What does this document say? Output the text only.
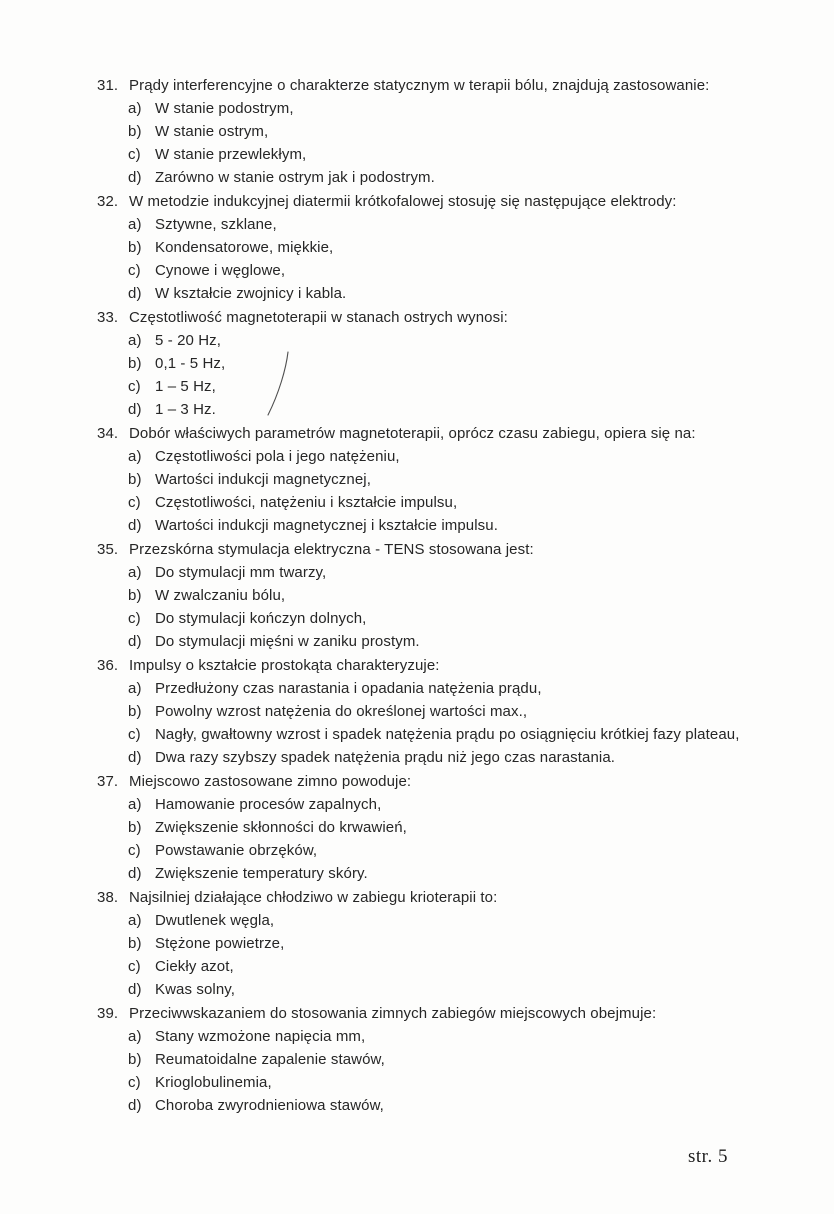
31. Prądy interferencyjne o charakterze statycznym w terapii bólu, znajdują zastosowanie:
a) W stanie podostrym,
b) W stanie ostrym,
c) W stanie przewlekłym,
d) Zarówno w stanie ostrym jak i podostrym.
32. W metodzie indukcyjnej diatermii krótkofalowej stosuję się następujące elektrody:
a) Sztywne, szklane,
b) Kondensatorowe, miękkie,
c) Cynowe i węglowe,
d) W kształcie zwojnicy i kabla.
33. Częstotliwość magnetoterapii w stanach ostrych wynosi:
a) 5 - 20 Hz,
b) 0,1 - 5 Hz,
c) 1 – 5 Hz,
d) 1 – 3 Hz.
34. Dobór właściwych parametrów magnetoterapii, oprócz czasu zabiegu, opiera się na:
a) Częstotliwości pola i jego natężeniu,
b) Wartości indukcji magnetycznej,
c) Częstotliwości, natężeniu i kształcie impulsu,
d) Wartości indukcji magnetycznej i kształcie impulsu.
35. Przezskórna stymulacja elektryczna - TENS stosowana jest:
a) Do stymulacji mm twarzy,
b) W zwalczaniu bólu,
c) Do stymulacji kończyn dolnych,
d) Do stymulacji mięśni w zaniku prostym.
36. Impulsy o kształcie prostokąta charakteryzuje:
a) Przedłużony czas narastania i opadania natężenia prądu,
b) Powolny wzrost natężenia do określonej wartości max.,
c) Nagły, gwałtowny wzrost i spadek natężenia prądu po osiągnięciu krótkiej fazy plateau,
d) Dwa razy szybszy spadek natężenia prądu niż jego czas narastania.
37. Miejscowo zastosowane zimno powoduje:
a) Hamowanie procesów zapalnych,
b) Zwiększenie skłonności do krwawień,
c) Powstawanie obrzęków,
d) Zwiększenie temperatury skóry.
38. Najsilniej działające chłodziwo w zabiegu krioterapii to:
a) Dwutlenek węgla,
b) Stężone powietrze,
c) Ciekły azot,
d) Kwas solny,
39. Przeciwwskazaniem do stosowania zimnych zabiegów miejscowych obejmuje:
a) Stany wzmożone napięcia mm,
b) Reumatoidalne zapalenie stawów,
c) Krioglobulinemia,
d) Choroba zwyrodnieniowa stawów,
str. 5
